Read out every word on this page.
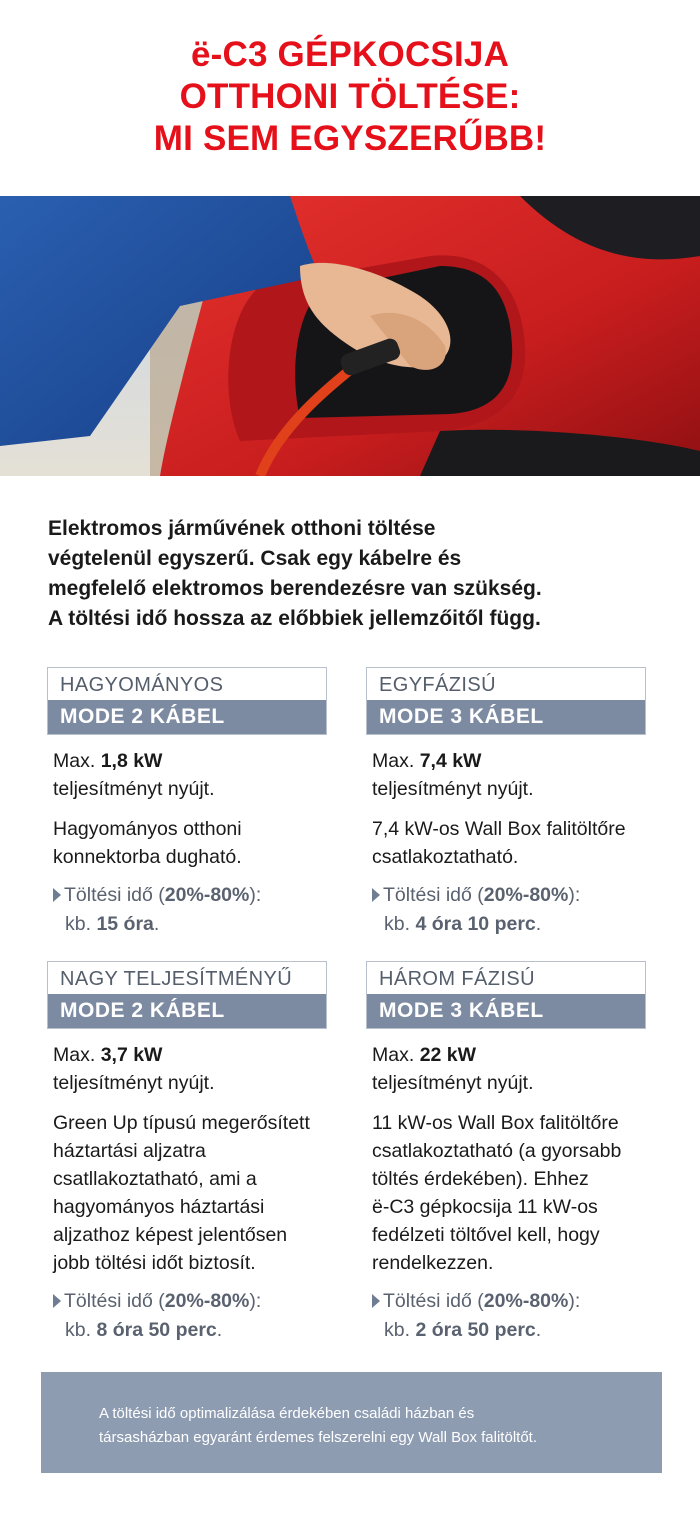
ë-C3 GÉPKOCSIJA
OTTHONI TÖLTÉSE:
MI SEM EGYSZERŰBB!
Elektromos járművének otthoni töltése
végtelenül egyszerű. Csak egy kábelre és
megfelelő elektromos berendezésre van szükség.
A töltési idő hossza az előbbiek jellemzőitől függ.
HAGYOMÁNYOS
MODE 2 KÁBEL

Max. 1,8 kW
teljesítményt nyújt.

Hagyományos otthoni
konnektorba dugható.

Töltési idő (20%-80%):
kb. 15 óra.
EGYFÁZISÚ
MODE 3 KÁBEL

Max. 7,4 kW
teljesítményt nyújt.

7,4 kW-os Wall Box falitöltőre
csatlakoztatható.

Töltési idő (20%-80%):
kb. 4 óra 10 perc.
NAGY TELJESÍTMÉNYŰ
MODE 2 KÁBEL

Max. 3,7 kW
teljesítményt nyújt.

Green Up típusú megerősített
háztartási aljzatra
csatllakoztatható, ami a
hagyományos háztartási
aljzathoz képest jelentősen
jobb töltési időt biztosít.

Töltési idő (20%-80%):
kb. 8 óra 50 perc.
HÁROM FÁZISÚ
MODE 3 KÁBEL

Max. 22 kW
teljesítményt nyújt.

11 kW-os Wall Box falitöltőre
csatlakoztatható (a gyorsabb
töltés érdekében). Ehhez
ë-C3 gépkocsija 11 kW-os
fedélzeti töltővel kell, hogy
rendelkezzen.

Töltési idő (20%-80%):
kb. 2 óra 50 perc.
A töltési idő optimalizálása érdekében családi házban és
társasházban egyaránt érdemes felszerelni egy Wall Box falitöltőt.
